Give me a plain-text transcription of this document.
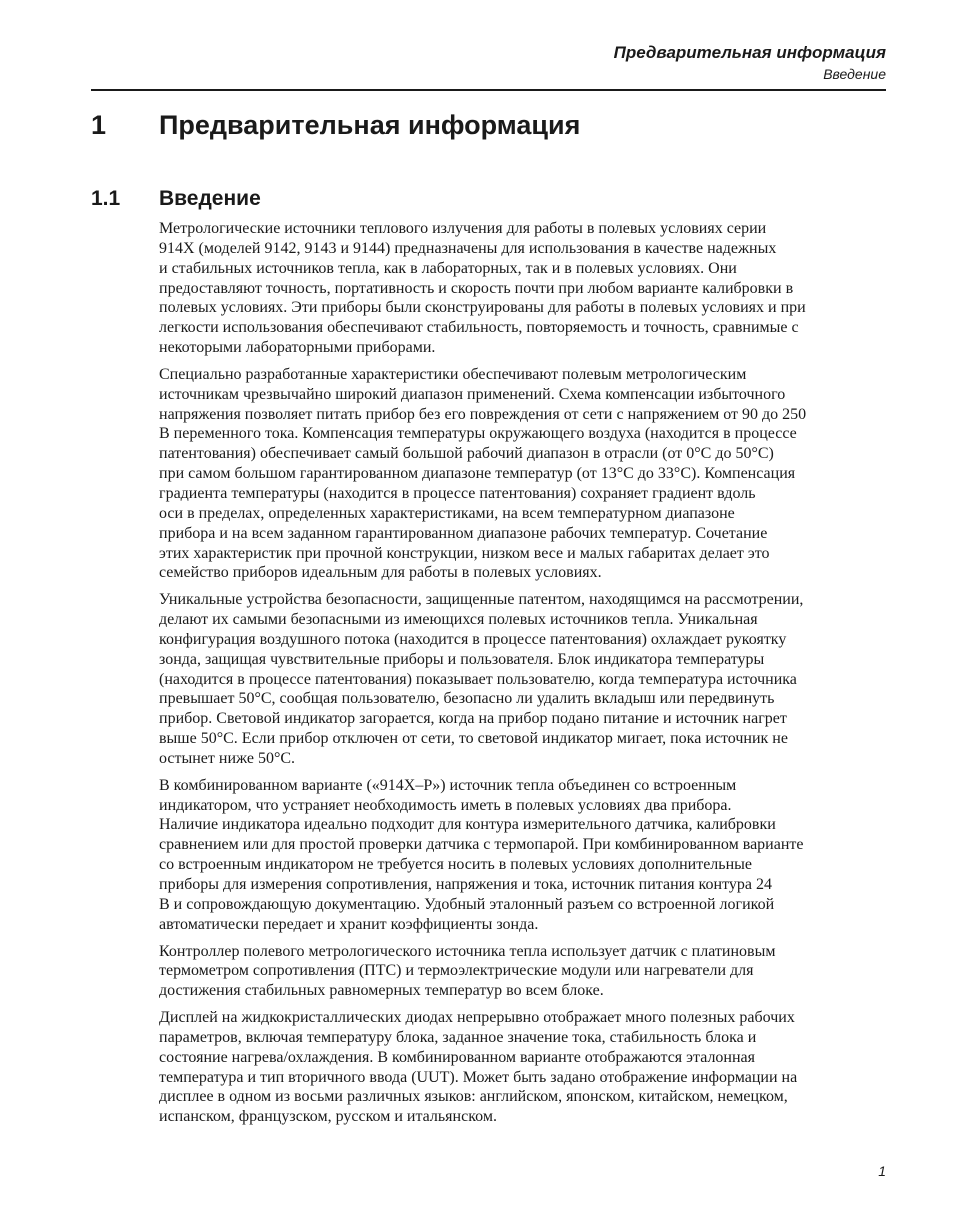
Предварительная информация
Введение
1 Предварительная информация
1.1 Введение

Метрологические источники теплового излучения для работы в полевых условиях серии
914X (моделей 9142, 9143 и 9144) предназначены для использования в качестве надежных
и стабильных источников тепла, как в лабораторных, так и в полевых условиях. Они
предоставляют точность, портативность и скорость почти при любом варианте калибровки в
полевых условиях. Эти приборы были сконструированы для работы в полевых условиях и при
легкости использования обеспечивают стабильность, повторяемость и точность, сравнимые с
некоторыми лабораторными приборами.

Специально разработанные характеристики обеспечивают полевым метрологическим
источникам чрезвычайно широкий диапазон применений. Схема компенсации избыточного
напряжения позволяет питать прибор без его повреждения от сети с напряжением от 90 до 250
В переменного тока. Компенсация температуры окружающего воздуха (находится в процессе
патентования) обеспечивает самый большой рабочий диапазон в отрасли (от 0°C до 50°C)
при самом большом гарантированном диапазоне температур (от 13°C до 33°C). Компенсация
градиента температуры (находится в процессе патентования) сохраняет градиент вдоль
оси в пределах, определенных характеристиками, на всем температурном диапазоне
прибора и на всем заданном гарантированном диапазоне рабочих температур. Сочетание
этих характеристик при прочной конструкции, низком весе и малых габаритах делает это
семейство приборов идеальным для работы в полевых условиях.

Уникальные устройства безопасности, защищенные патентом, находящимся на рассмотрении,
делают их самыми безопасными из имеющихся полевых источников тепла. Уникальная
конфигурация воздушного потока (находится в процессе патентования) охлаждает рукоятку
зонда, защищая чувствительные приборы и пользователя. Блок индикатора температуры
(находится в процессе патентования) показывает пользователю, когда температура источника
превышает 50°C, сообщая пользователю, безопасно ли удалить вкладыш или передвинуть
прибор. Световой индикатор загорается, когда на прибор подано питание и источник нагрет
выше 50°C. Если прибор отключен от сети, то световой индикатор мигает, пока источник не
остынет ниже 50°C.

В комбинированном варианте («914X–P») источник тепла объединен со встроенным
индикатором, что устраняет необходимость иметь в полевых условиях два прибора.
Наличие индикатора идеально подходит для контура измерительного датчика, калибровки
сравнением или для простой проверки датчика с термопарой. При комбинированном варианте
со встроенным индикатором не требуется носить в полевых условиях дополнительные
приборы для измерения сопротивления, напряжения и тока, источник питания контура 24
В и сопровождающую документацию. Удобный эталонный разъем со встроенной логикой
автоматически передает и хранит коэффициенты зонда.

Контроллер полевого метрологического источника тепла использует датчик с платиновым
термометром сопротивления (ПТС) и термоэлектрические модули или нагреватели для
достижения стабильных равномерных температур во всем блоке.

Дисплей на жидкокристаллических диодах непрерывно отображает много полезных рабочих
параметров, включая температуру блока, заданное значение тока, стабильность блока и
состояние нагрева/охлаждения. В комбинированном варианте отображаются эталонная
температура и тип вторичного ввода (UUT). Может быть задано отображение информации на
дисплее в одном из восьми различных языков: английском, японском, китайском, немецком,
испанском, французском, русском и итальянском.

1
